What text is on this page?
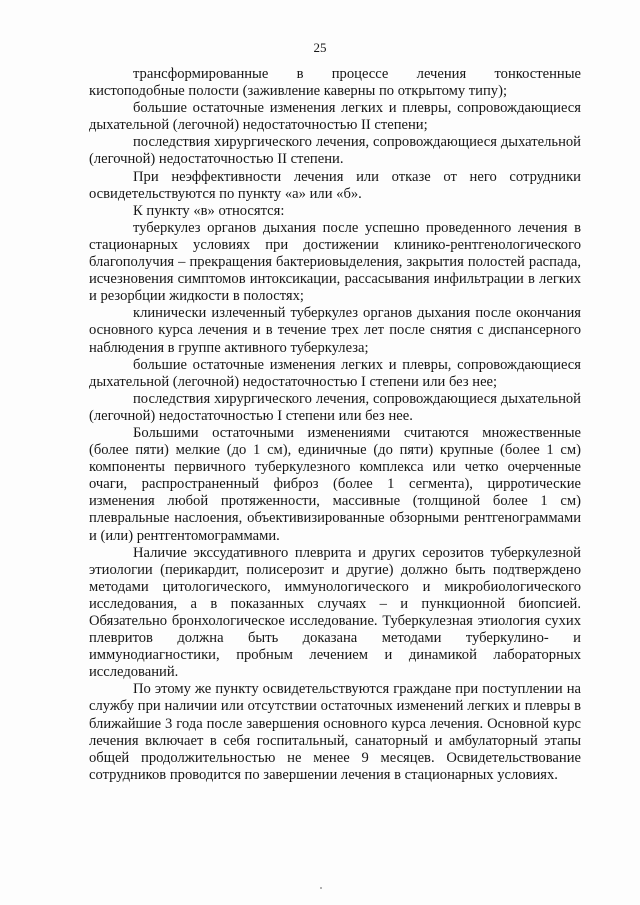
25

трансформированные в процессе лечения тонкостенные кистоподобные полости (заживление каверны по открытому типу);

большие остаточные изменения легких и плевры, сопровождающиеся дыхательной (легочной) недостаточностью II степени;

последствия хирургического лечения, сопровождающиеся дыхательной (легочной) недостаточностью II степени.

При неэффективности лечения или отказе от него сотрудники освидетельствуются по пункту «а» или «б».

К пункту «в» относятся:

туберкулез органов дыхания после успешно проведенного лечения в стационарных условиях при достижении клинико-рентгенологического благополучия – прекращения бактериовыделения, закрытия полостей распада, исчезновения симптомов интоксикации, рассасывания инфильтрации в легких и резорбции жидкости в полостях;

клинически излеченный туберкулез органов дыхания после окончания основного курса лечения и в течение трех лет после снятия с диспансерного наблюдения в группе активного туберкулеза;

большие остаточные изменения легких и плевры, сопровождающиеся дыхательной (легочной) недостаточностью I степени или без нее;

последствия хирургического лечения, сопровождающиеся дыхательной (легочной) недостаточностью I степени или без нее.

Большими остаточными изменениями считаются множественные (более пяти) мелкие (до 1 см), единичные (до пяти) крупные (более 1 см) компоненты первичного туберкулезного комплекса или четко очерченные очаги, распространенный фиброз (более 1 сегмента), цирротические изменения любой протяженности, массивные (толщиной более 1 см) плевральные наслоения, объективизированные обзорными рентгенограммами и (или) рентгентомограммами.

Наличие экссудативного плеврита и других серозитов туберкулезной этиологии (перикардит, полисерозит и другие) должно быть подтверждено методами цитологического, иммунологического и микробиологического исследования, а в показанных случаях – и пункционной биопсией. Обязательно бронхологическое исследование. Туберкулезная этиология сухих плевритов должна быть доказана методами туберкулино- и иммунодиагностики, пробным лечением и динамикой лабораторных исследований.

По этому же пункту освидетельствуются граждане при поступлении на службу при наличии или отсутствии остаточных изменений легких и плевры в ближайшие 3 года после завершения основного курса лечения. Основной курс лечения включает в себя госпитальный, санаторный и амбулаторный этапы общей продолжительностью не менее 9 месяцев. Освидетельствование сотрудников проводится по завершении лечения в стационарных условиях.
